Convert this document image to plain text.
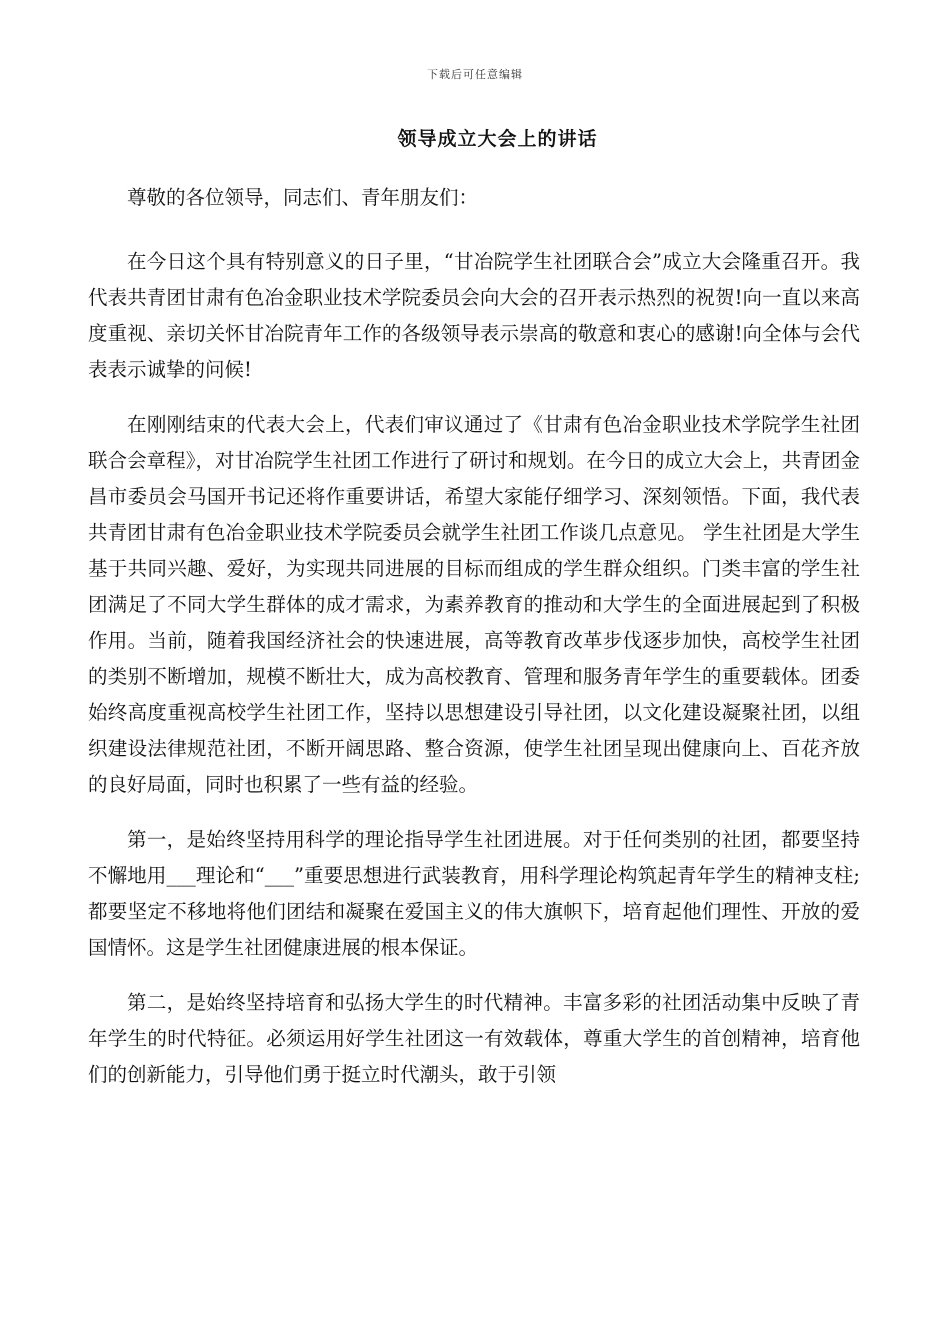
下载后可任意编辑
领导成立大会上的讲话

尊敬的各位领导，同志们、青年朋友们：

在今日这个具有特别意义的日子里，“甘冶院学生社团联合会”成立大会隆重召开。我代表共青团甘肃有色冶金职业技术学院委员会向大会的召开表示热烈的祝贺!向一直以来高度重视、亲切关怀甘冶院青年工作的各级领导表示崇高的敬意和衷心的感谢!向全体与会代表表示诚挚的问候!

在刚刚结束的代表大会上，代表们审议通过了《甘肃有色冶金职业技术学院学生社团联合会章程》，对甘冶院学生社团工作进行了研讨和规划。在今日的成立大会上，共青团金昌市委员会马国开书记还将作重要讲话，希望大家能仔细学习、深刻领悟。下面，我代表共青团甘肃有色冶金职业技术学院委员会就学生社团工作谈几点意见。 学生社团是大学生基于共同兴趣、爱好，为实现共同进展的目标而组成的学生群众组织。门类丰富的学生社团满足了不同大学生群体的成才需求，为素养教育的推动和大学生的全面进展起到了积极作用。当前，随着我国经济社会的快速进展，高等教育改革步伐逐步加快，高校学生社团的类别不断增加，规模不断壮大，成为高校教育、管理和服务青年学生的重要载体。团委始终高度重视高校学生社团工作，坚持以思想建设引导社团，以文化建设凝聚社团，以组织建设法律规范社团，不断开阔思路、整合资源，使学生社团呈现出健康向上、百花齐放的良好局面，同时也积累了一些有益的经验。

第一，是始终坚持用科学的理论指导学生社团进展。对于任何类别的社团，都要坚持不懈地用___理论和“___”重要思想进行武装教育，用科学理论构筑起青年学生的精神支柱;都要坚定不移地将他们团结和凝聚在爱国主义的伟大旗帜下，培育起他们理性、开放的爱国情怀。这是学生社团健康进展的根本保证。

第二，是始终坚持培育和弘扬大学生的时代精神。丰富多彩的社团活动集中反映了青年学生的时代特征。必须运用好学生社团这一有效载体，尊重大学生的首创精神，培育他们的创新能力，引导他们勇于挺立时代潮头，敢于引领
